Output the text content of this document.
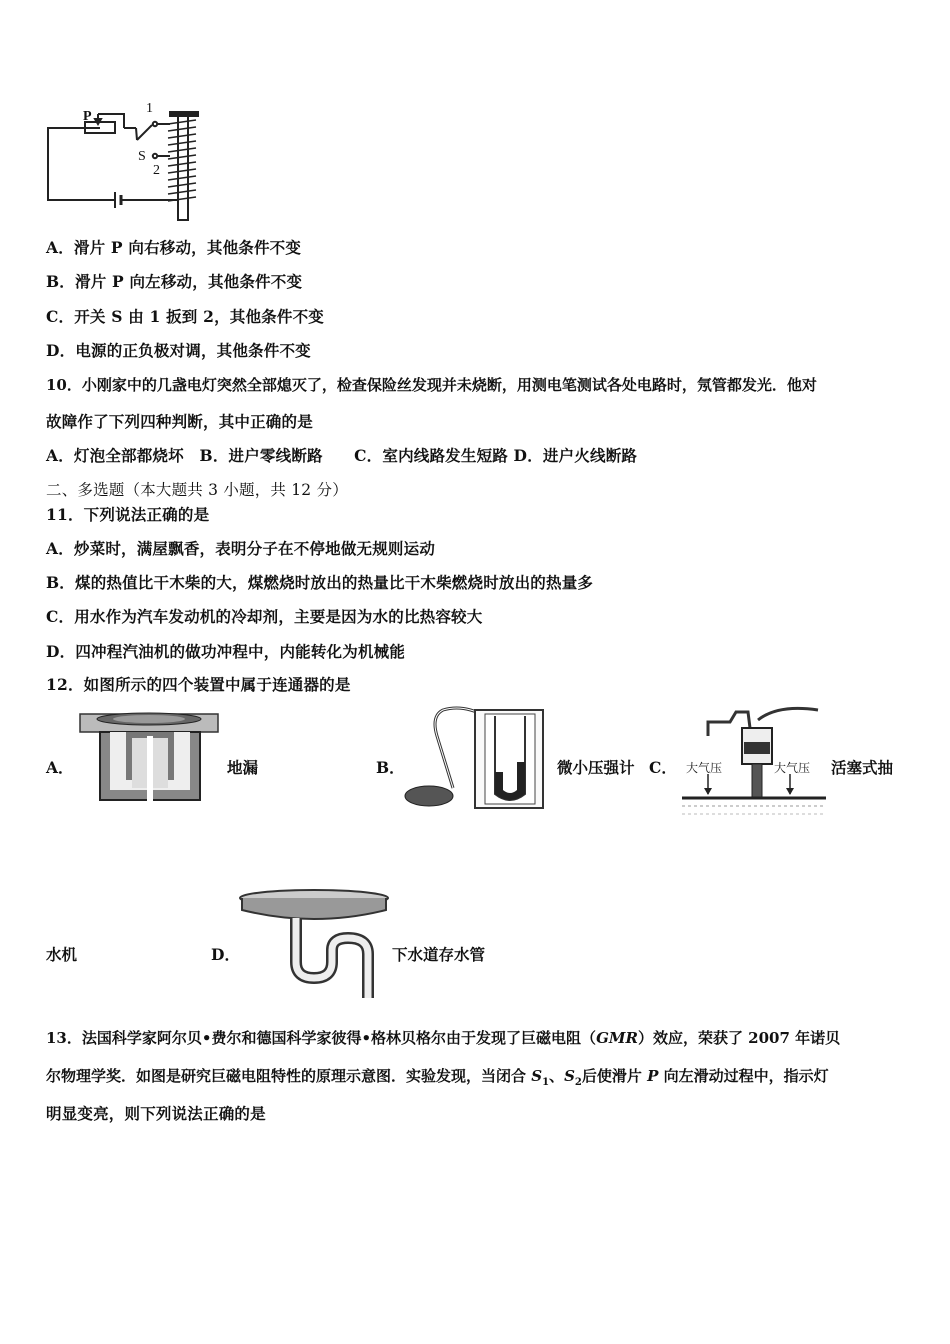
P
1
S
2
A．滑片 P 向右移动，其他条件不变
B．滑片 P 向左移动，其他条件不变
C．开关 S 由 1 扳到 2，其他条件不变
D．电源的正负极对调，其他条件不变
10．小刚家中的几盏电灯突然全部熄灭了，检查保险丝发现并未烧断，用测电笔测试各处电路时，氖管都发光．他对
故障作了下列四种判断，其中正确的是
A．灯泡全部都烧坏　B．进户零线断路　　C．室内线路发生短路 D．进户火线断路
二、多选题（本大题共 3 小题，共 12 分）
11．下列说法正确的是
A．炒菜时，满屋飘香，表明分子在不停地做无规则运动
B．煤的热值比干木柴的大，煤燃烧时放出的热量比干木柴燃烧时放出的热量多
C．用水作为汽车发动机的冷却剂，主要是因为水的比热容较大
D．四冲程汽油机的做功冲程中，内能转化为机械能
12．如图所示的四个装置中属于连通器的是
A．	地漏	B．	微小压强计 C． 大气压	大气压 活塞式抽
水机	D．	下水道存水管
13．法国科学家阿尔贝•费尔和德国科学家彼得•格林贝格尔由于发现了巨磁电阻（GMR）效应，荣获了 2007 年诺贝
尔物理学奖．如图是研究巨磁电阻特性的原理示意图．实验发现，当闭合 $S_1$、$S_2$后使滑片 P 向左滑动过程中，指示灯
明显变亮，则下列说法正确的是
